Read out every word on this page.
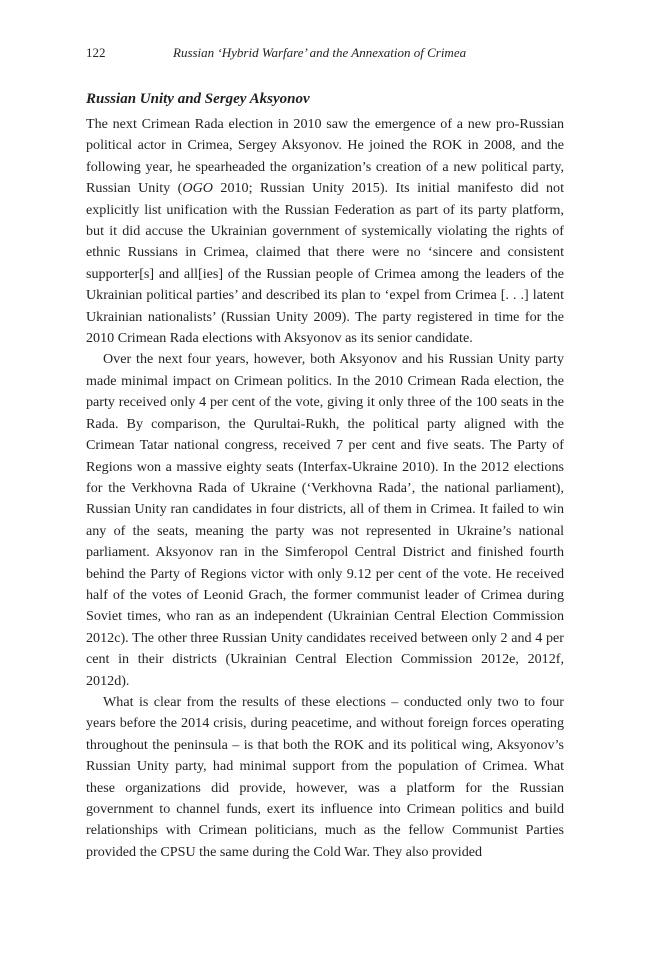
122	Russian ‘Hybrid Warfare’ and the Annexation of Crimea
Russian Unity and Sergey Aksyonov

The next Crimean Rada election in 2010 saw the emergence of a new pro-Russian political actor in Crimea, Sergey Aksyonov. He joined the ROK in 2008, and the following year, he spearheaded the organization’s creation of a new political party, Russian Unity (OGO 2010; Russian Unity 2015). Its initial manifesto did not explicitly list unification with the Russian Federation as part of its party platform, but it did accuse the Ukrainian government of systemically violating the rights of ethnic Russians in Crimea, claimed that there were no ‘sincere and consistent supporter[s] and all[ies] of the Russian people of Crimea among the leaders of the Ukrainian political parties’ and described its plan to ‘expel from Crimea [. . .] latent Ukrainian nationalists’ (Russian Unity 2009). The party registered in time for the 2010 Crimean Rada elections with Aksyonov as its senior candidate.

Over the next four years, however, both Aksyonov and his Russian Unity party made minimal impact on Crimean politics. In the 2010 Crimean Rada election, the party received only 4 per cent of the vote, giving it only three of the 100 seats in the Rada. By comparison, the Qurultai-Rukh, the political party aligned with the Crimean Tatar national congress, received 7 per cent and five seats. The Party of Regions won a massive eighty seats (Interfax-Ukraine 2010). In the 2012 elections for the Verkhovna Rada of Ukraine (‘Verkhovna Rada’, the national parliament), Russian Unity ran candidates in four districts, all of them in Crimea. It failed to win any of the seats, meaning the party was not represented in Ukraine’s national parliament. Aksyonov ran in the Simferopol Central District and finished fourth behind the Party of Regions victor with only 9.12 per cent of the vote. He received half of the votes of Leonid Grach, the former communist leader of Crimea during Soviet times, who ran as an independent (Ukrainian Central Election Commission 2012c). The other three Russian Unity candidates received between only 2 and 4 per cent in their districts (Ukrainian Central Election Commission 2012e, 2012f, 2012d).

What is clear from the results of these elections – conducted only two to four years before the 2014 crisis, during peacetime, and without foreign forces operating throughout the peninsula – is that both the ROK and its political wing, Aksyonov’s Russian Unity party, had minimal support from the population of Crimea. What these organizations did provide, however, was a platform for the Russian government to channel funds, exert its influence into Crimean politics and build relationships with Crimean politicians, much as the fellow Communist Parties provided the CPSU the same during the Cold War. They also provided
